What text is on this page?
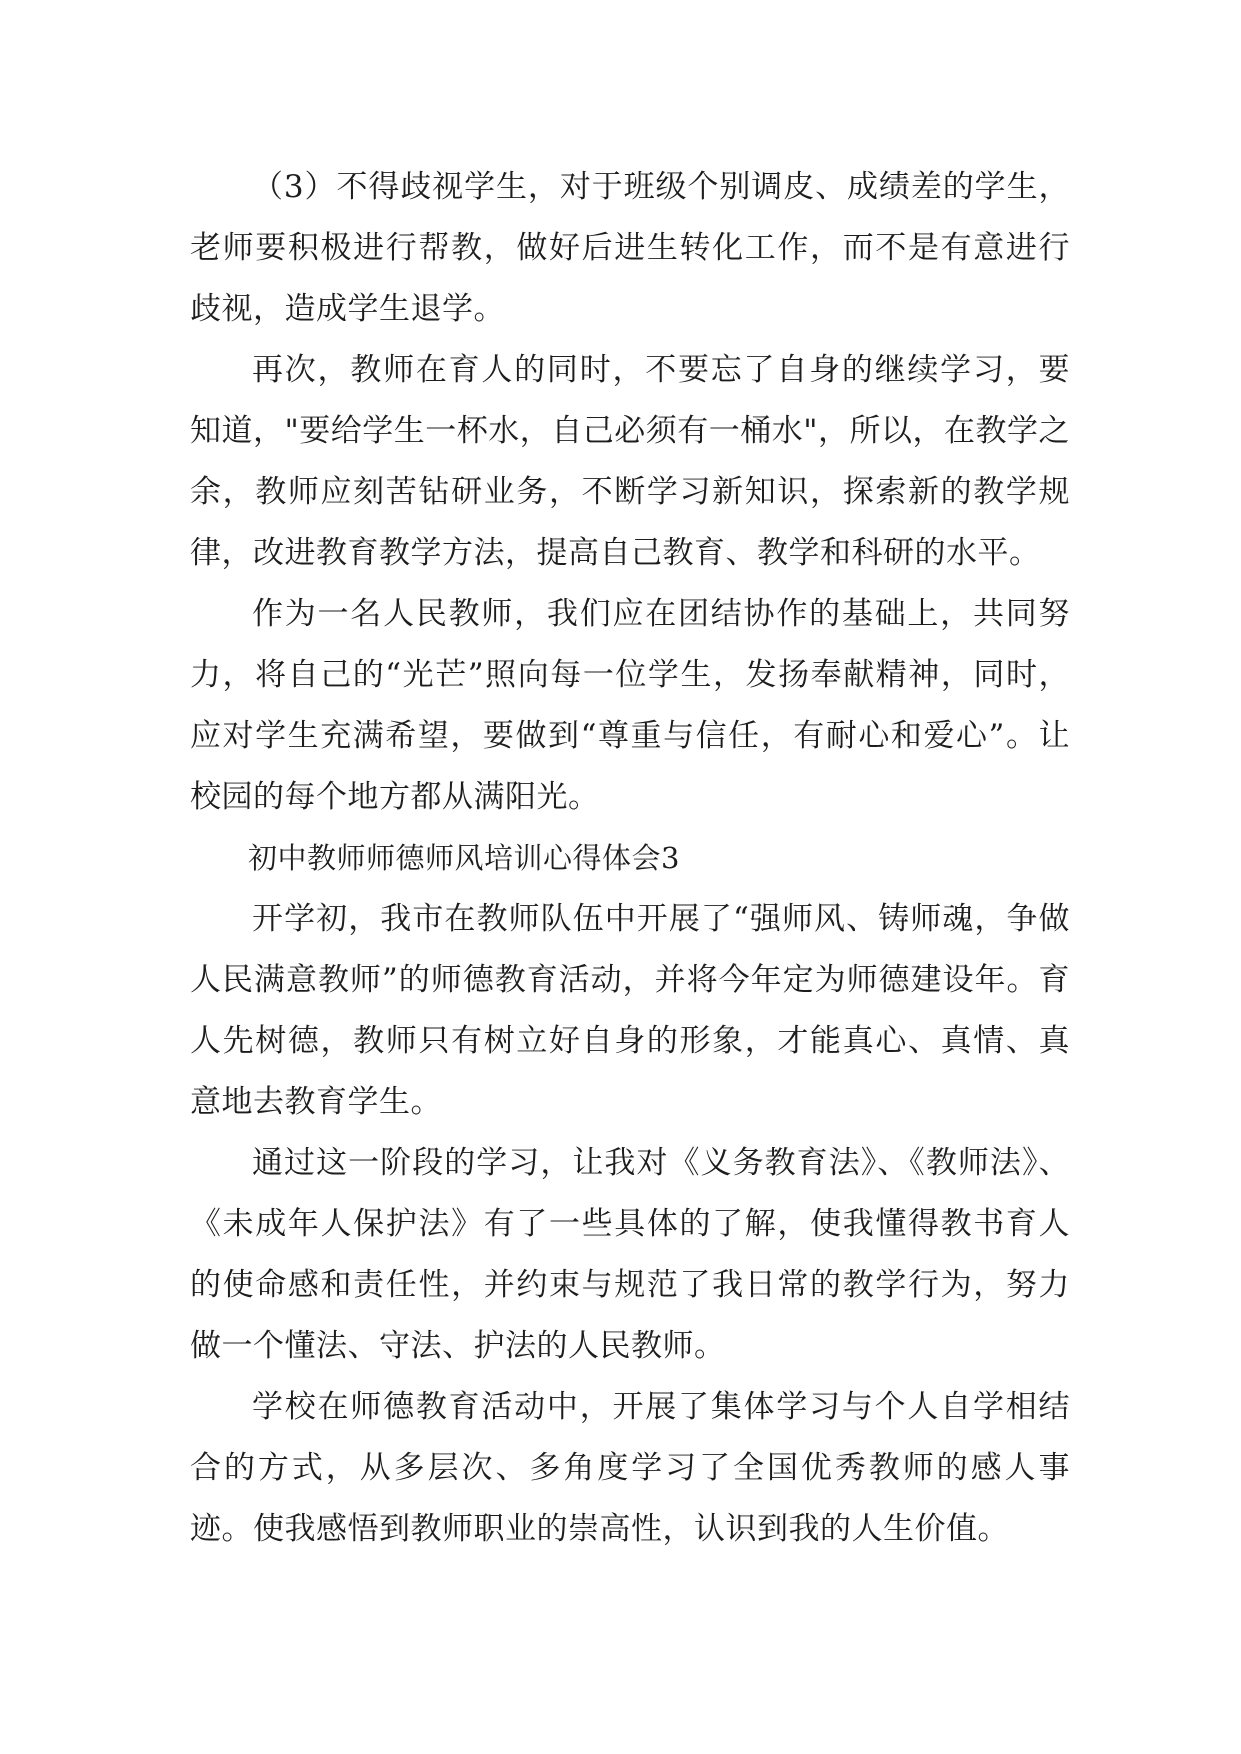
（3）不得歧视学生，对于班级个别调皮、成绩差的学生，老师要积极进行帮教，做好后进生转化工作，而不是有意进行歧视，造成学生退学。

再次，教师在育人的同时，不要忘了自身的继续学习，要知道，"要给学生一杯水，自己必须有一桶水"，所以，在教学之余，教师应刻苦钻研业务，不断学习新知识，探索新的教学规律，改进教育教学方法，提高自己教育、教学和科研的水平。

作为一名人民教师，我们应在团结协作的基础上，共同努力，将自己的“光芒”照向每一位学生，发扬奉献精神，同时，应对学生充满希望，要做到“尊重与信任，有耐心和爱心”。让校园的每个地方都从满阳光。

初中教师师德师风培训心得体会3

开学初，我市在教师队伍中开展了“强师风、铸师魂，争做人民满意教师”的师德教育活动，并将今年定为师德建设年。育人先树德，教师只有树立好自身的形象，才能真心、真情、真意地去教育学生。

通过这一阶段的学习，让我对《义务教育法》、《教师法》、《未成年人保护法》有了一些具体的了解，使我懂得教书育人的使命感和责任性，并约束与规范了我日常的教学行为，努力做一个懂法、守法、护法的人民教师。

学校在师德教育活动中，开展了集体学习与个人自学相结合的方式，从多层次、多角度学习了全国优秀教师的感人事迹。使我感悟到教师职业的崇高性，认识到我的人生价值。
